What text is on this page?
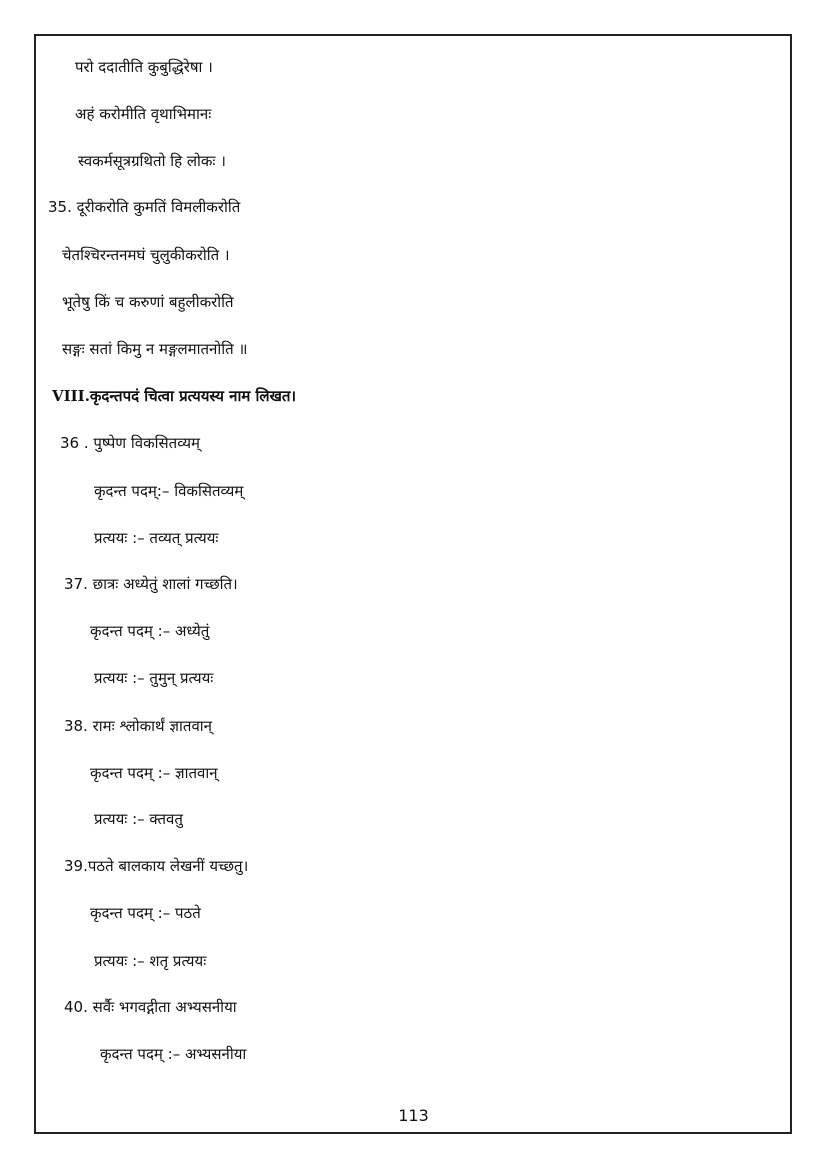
परो ददातीति कुबुद्धिरेषा ।
अहं करोमीति वृथाभिमानः
स्वकर्मसूत्रग्रथितो हि लोकः ।
35. दूरीकरोति कुमतिं विमलीकरोति
चेतश्चिरन्तनमघं चुलुकीकरोति ।
भूतेषु किं च करुणां बहुलीकरोति
सङ्गः सतां किमु न मङ्गलमातनोति ॥
VIII.कृदन्तपदं चित्वा प्रत्ययस्य नाम लिखत।
36 . पुष्पेण विकसितव्यम्
कृदन्त पदम्:– विकसितव्यम्
प्रत्ययः :– तव्यत् प्रत्ययः
37. छात्रः अध्येतुं शालां गच्छति।
कृदन्त पदम् :– अध्येतुं
प्रत्ययः :– तुमुन् प्रत्ययः
38. रामः श्लोकार्थं ज्ञातवान्
कृदन्त पदम् :– ज्ञातवान्
प्रत्ययः :– क्तवतु
39.पठते बालकाय लेखनीं यच्छतु।
कृदन्त पदम् :– पठते
प्रत्ययः :– शतृ प्रत्ययः
40. सर्वैः भगवद्गीता अभ्यसनीया
कृदन्त पदम् :– अभ्यसनीया
113
